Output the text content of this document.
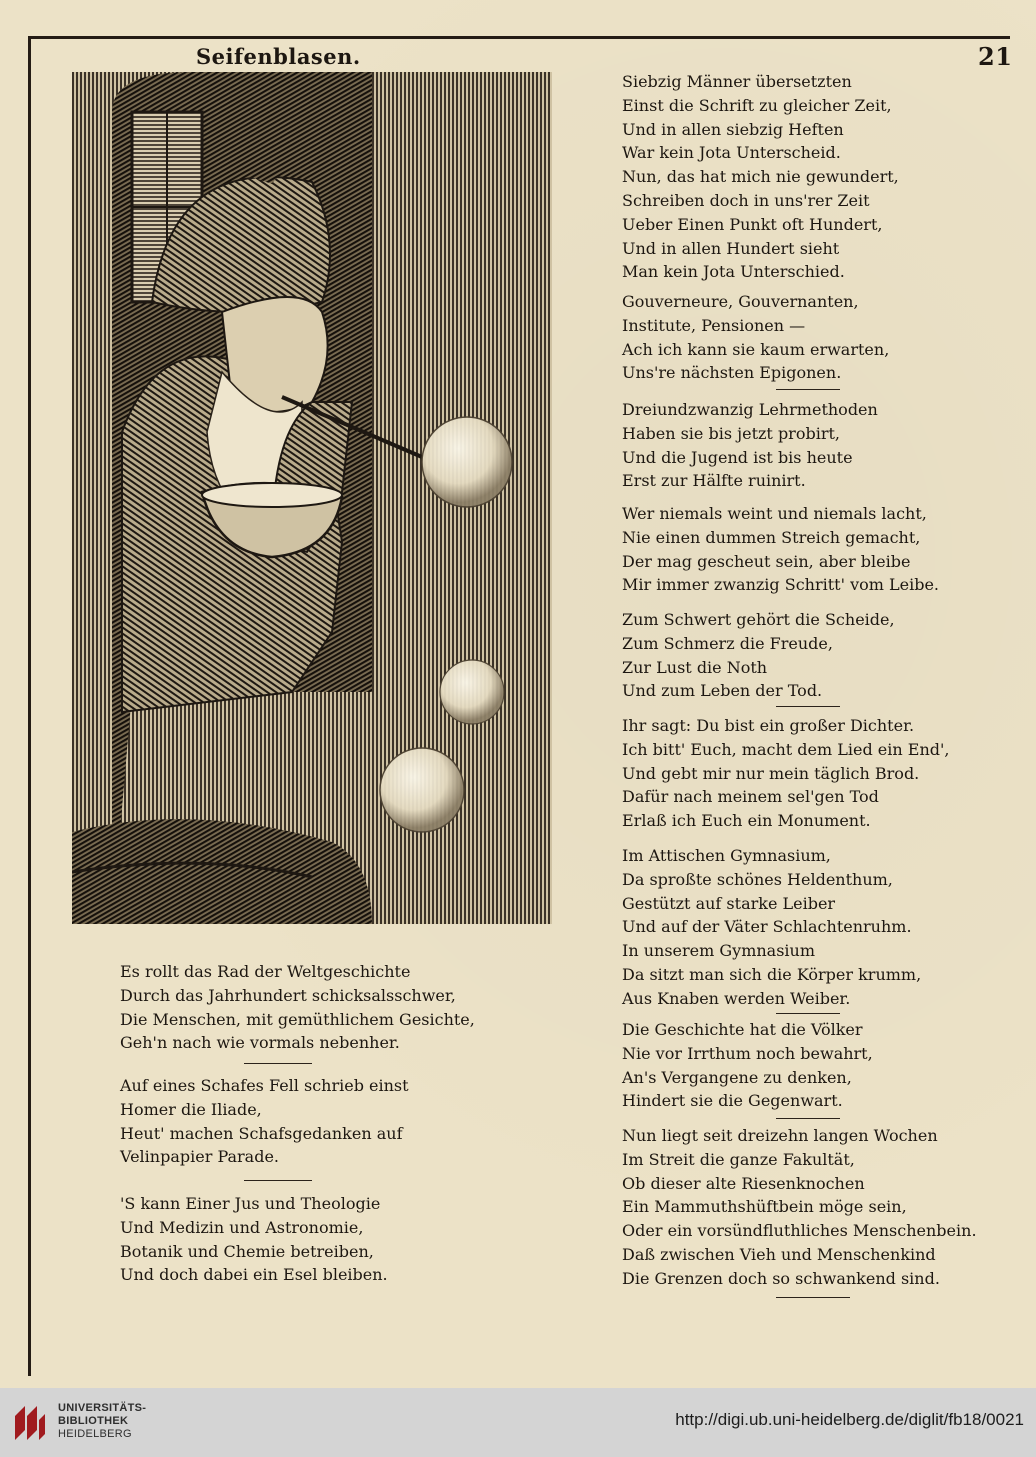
Seifenblasen.	21
Es rollt das Rad der Weltgeschichte
Durch das Jahrhundert schicksalsschwer,
Die Menschen, mit gemüthlichem Gesichte,
Geh'n nach wie vormals nebenher.
Auf eines Schafes Fell schrieb einst
Homer die Iliade,
Heut' machen Schafsgedanken auf
Velinpapier Parade.
'S kann Einer Jus und Theologie
Und Medizin und Astronomie,
Botanik und Chemie betreiben,
Und doch dabei ein Esel bleiben.
Siebzig Männer übersetzten
Einst die Schrift zu gleicher Zeit,
Und in allen siebzig Heften
War kein Jota Unterscheid.
Nun, das hat mich nie gewundert,
Schreiben doch in uns'rer Zeit
Ueber Einen Punkt oft Hundert,
Und in allen Hundert sieht
Man kein Jota Unterschied.
Gouverneure, Gouvernanten,
Institute, Pensionen —
Ach ich kann sie kaum erwarten,
Uns're nächsten Epigonen.
Dreiundzwanzig Lehrmethoden
Haben sie bis jetzt probirt,
Und die Jugend ist bis heute
Erst zur Hälfte ruinirt.
Wer niemals weint und niemals lacht,
Nie einen dummen Streich gemacht,
Der mag gescheut sein, aber bleibe
Mir immer zwanzig Schritt' vom Leibe.
Zum Schwert gehört die Scheide,
Zum Schmerz die Freude,
Zur Lust die Noth
Und zum Leben der Tod.
Ihr sagt: Du bist ein großer Dichter.
Ich bitt' Euch, macht dem Lied ein End',
Und gebt mir nur mein täglich Brod.
Dafür nach meinem sel'gen Tod
Erlaß ich Euch ein Monument.
Im Attischen Gymnasium,
Da sproßte schönes Heldenthum,
Gestützt auf starke Leiber
Und auf der Väter Schlachtenruhm.
In unserem Gymnasium
Da sitzt man sich die Körper krumm,
Aus Knaben werden Weiber.
Die Geschichte hat die Völker
Nie vor Irrthum noch bewahrt,
An's Vergangene zu denken,
Hindert sie die Gegenwart.
Nun liegt seit dreizehn langen Wochen
Im Streit die ganze Fakultät,
Ob dieser alte Riesenknochen
Ein Mammuthshüftbein möge sein,
Oder ein vorsündfluthliches Menschenbein.
Daß zwischen Vieh und Menschenkind
Die Grenzen doch so schwankend sind.
UNIVERSITÄTS-
BIBLIOTHEK
HEIDELBERG
http://digi.ub.uni-heidelberg.de/diglit/fb18/0021
